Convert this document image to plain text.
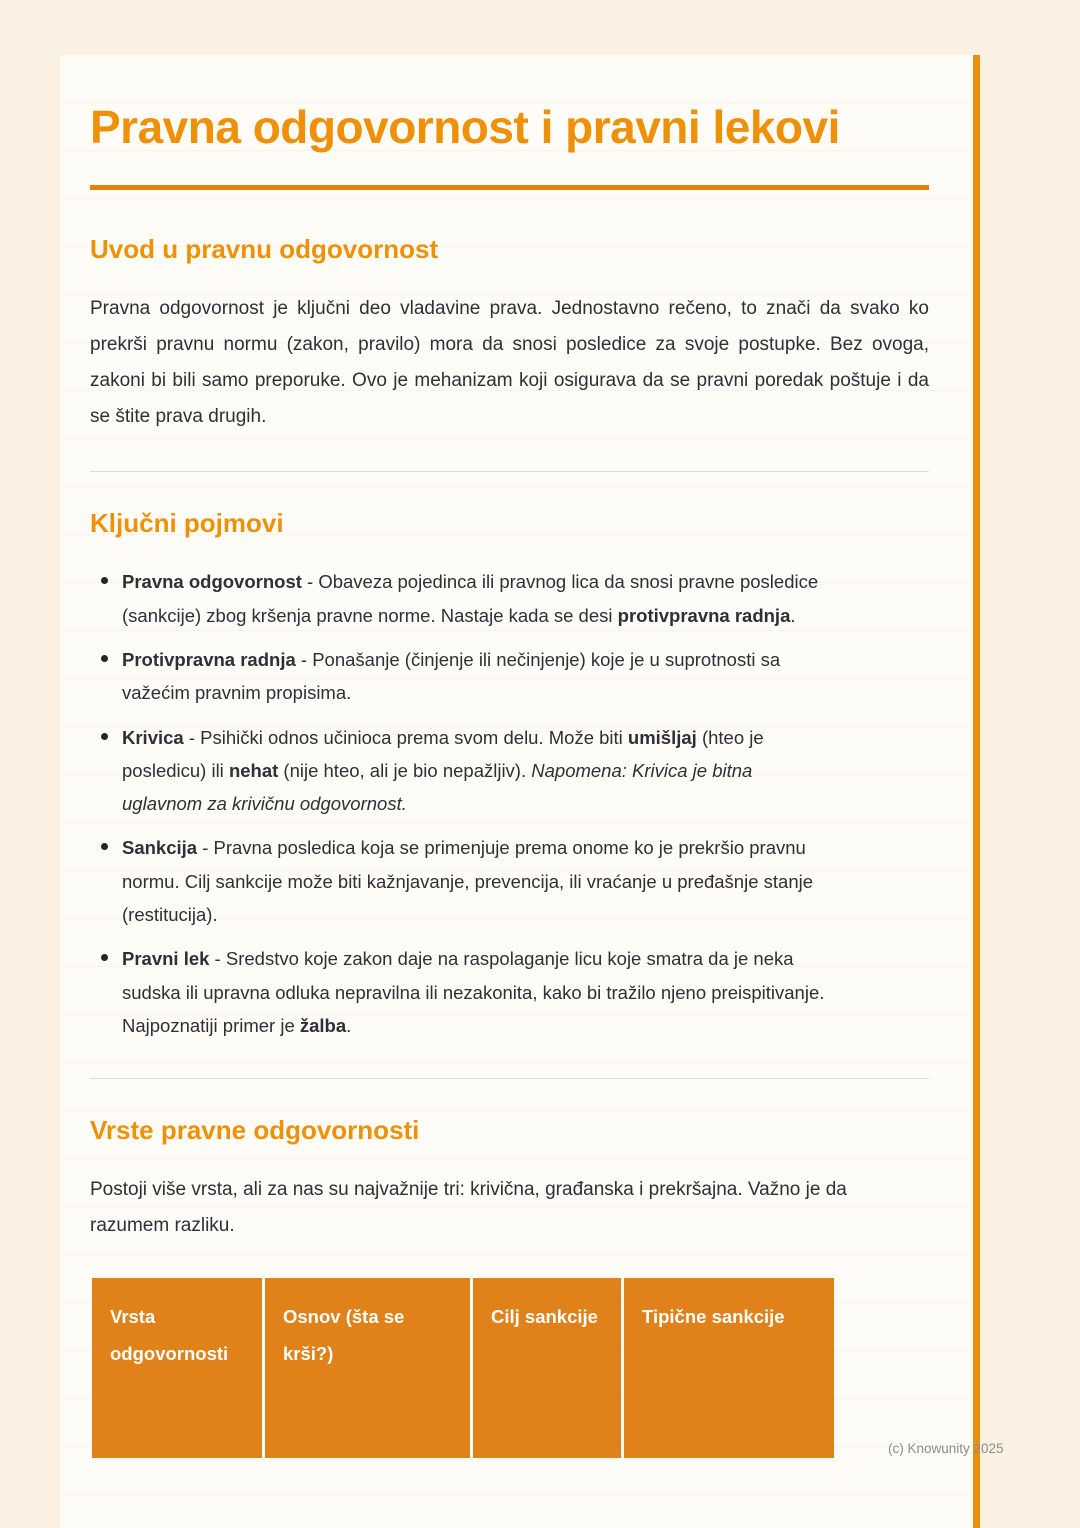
Pravna odgovornost i pravni lekovi
Uvod u pravnu odgovornost

Pravna odgovornost je ključni deo vladavine prava. Jednostavno rečeno, to znači da svako ko prekrši pravnu normu (zakon, pravilo) mora da snosi posledice za svoje postupke. Bez ovoga, zakoni bi bili samo preporuke. Ovo je mehanizam koji osigurava da se pravni poredak poštuje i da se štite prava drugih.

Ključni pojmovi
Pravna odgovornost - Obaveza pojedinca ili pravnog lica da snosi pravne posledice (sankcije) zbog kršenja pravne norme. Nastaje kada se desi protivpravna radnja.
Protivpravna radnja - Ponašanje (činjenje ili nečinjenje) koje je u suprotnosti sa važećim pravnim propisima.
Krivica - Psihički odnos učinioca prema svom delu. Može biti umišljaj (hteo je posledicu) ili nehat (nije hteo, ali je bio nepažljiv). Napomena: Krivica je bitna uglavnom za krivičnu odgovornost.
Sankcija - Pravna posledica koja se primenjuje prema onome ko je prekršio pravnu normu. Cilj sankcije može biti kažnjavanje, prevencija, ili vraćanje u pređašnje stanje (restitucija).
Pravni lek - Sredstvo koje zakon daje na raspolaganje licu koje smatra da je neka sudska ili upravna odluka nepravilna ili nezakonita, kako bi tražilo njeno preispitivanje. Najpoznatiji primer je žalba.
Vrste pravne odgovornosti

Postoji više vrsta, ali za nas su najvažnije tri: krivična, građanska i prekršajna. Važno je da razumem razliku.

Vrsta odgovornosti	Osnov (šta se krši?)	Cilj sankcije	Tipične sankcije
(c) Knowunity 2025
